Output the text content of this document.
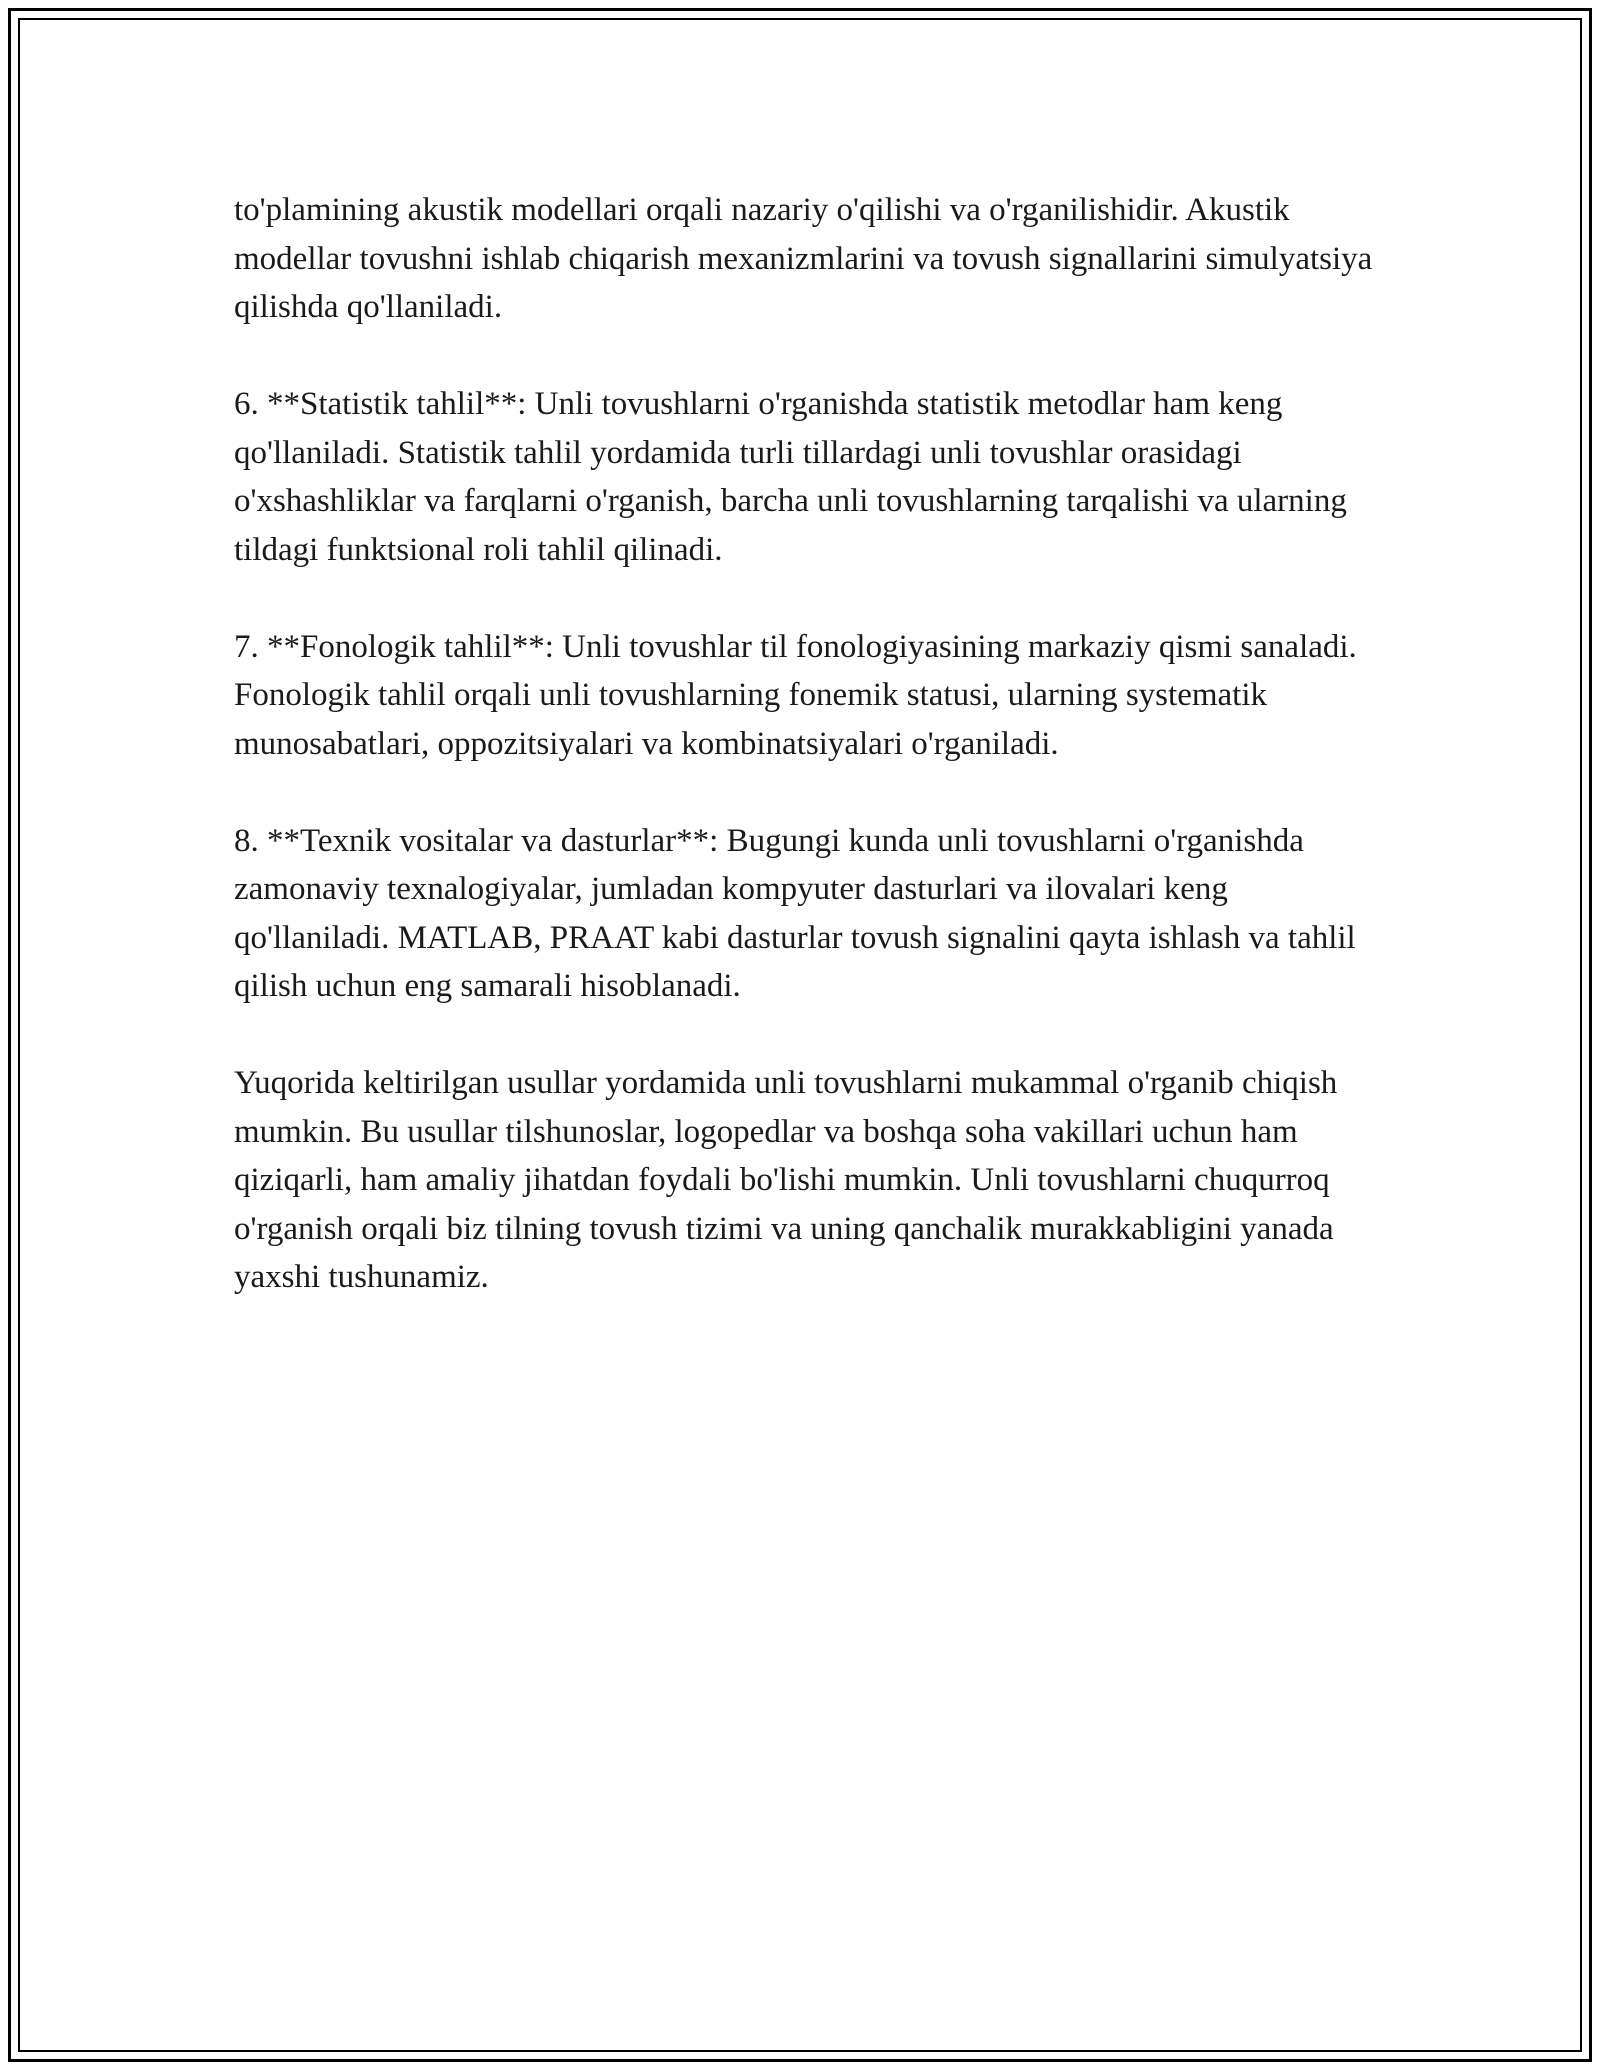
to'plamining akustik modellari orqali nazariy o'qilishi va o'rganilishidir. Akustik modellar tovushni ishlab chiqarish mexanizmlarini va tovush signallarini simulyatsiya qilishda qo'llaniladi.

6. **Statistik tahlil**: Unli tovushlarni o'rganishda statistik metodlar ham keng qo'llaniladi. Statistik tahlil yordamida turli tillardagi unli tovushlar orasidagi o'xshashliklar va farqlarni o'rganish, barcha unli tovushlarning tarqalishi va ularning tildagi funktsional roli tahlil qilinadi.

7. **Fonologik tahlil**: Unli tovushlar til fonologiyasining markaziy qismi sanaladi. Fonologik tahlil orqali unli tovushlarning fonemik statusi, ularning systematik munosabatlari, oppozitsiyalari va kombinatsiyalari o'rganiladi.

8. **Texnik vositalar va dasturlar**: Bugungi kunda unli tovushlarni o'rganishda zamonaviy texnalogiyalar, jumladan kompyuter dasturlari va ilovalari keng qo'llaniladi. MATLAB, PRAAT kabi dasturlar tovush signalini qayta ishlash va tahlil qilish uchun eng samarali hisoblanadi.

Yuqorida keltirilgan usullar yordamida unli tovushlarni mukammal o'rganib chiqish mumkin. Bu usullar tilshunoslar, logopedlar va boshqa soha vakillari uchun ham qiziqarli, ham amaliy jihatdan foydali bo'lishi mumkin. Unli tovushlarni chuqurroq o'rganish orqali biz tilning tovush tizimi va uning qanchalik murakkabligini yanada yaxshi tushunamiz.
